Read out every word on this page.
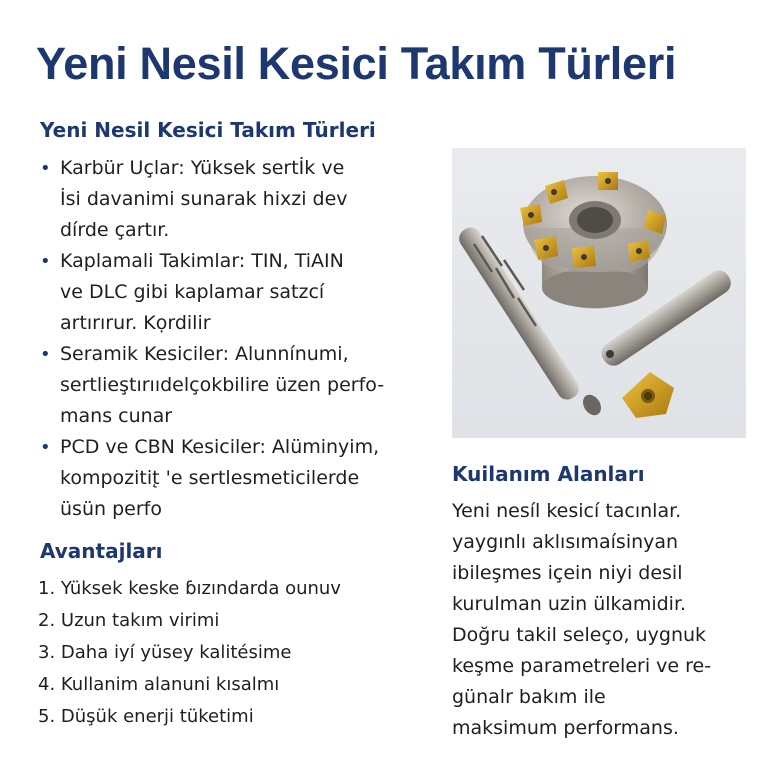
Yeni Nesil Kesici Takım Türleri
Yeni Nesil Kesici Takım Türleri
• Karbür Uçlar: Yüksek sertİk ve
İsi davanimi sunarak hixzi dev
dírde çartır.
• Kaplamali Takimlar: TIN, TiAIN
ve DLC gibi kaplamar satzcí
artırırur. Kọrdilir
• Seramik Kesiciler: Alunnínumi,
sertlieştırııdelçokbilire üzen perfo-
mans cunar
• PCD ve CBN Kesiciler: Alüminyim,
kompozitit̨ 'e sertlesmeticilerde
üsün perfo
Avantajları
1. Yüksek keske ɓızındarda ounuv
2. Uzun takım virimi
3. Daha iyí yüsey kalitésime
4. Kullanim alanuni kısalmı
5. Düşük enerji tüketimi
Kuilanım Alanları
Yeni nesíl kesicí tacınlar.
yaygınlı aklısımaísinyan
ibileşmes içein niyi desil
kurulman uzin ülkamidir.
Doğru takil seleço, uygnuk
keşme parametreleri ve re-
günalr bakım ile
maksimum performans.
